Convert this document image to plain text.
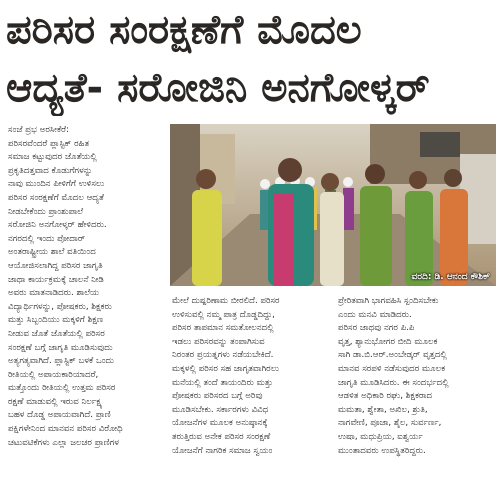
ಪರಿಸರ ಸಂರಕ್ಷಣೆಗೆ ಮೊದಲ
ಆದ್ಯತೆ- ಸರೋಜಿನಿ ಅನಗೋಳ್ಕರ್
ಸಂಜೆ ಪ್ರಭ ಅರಸೀಕೆರೆ:
ಪರಿಸರವೆಂದರೆ ಪ್ಲಾಸ್ಟಿಕ್ ರಹಿತ
ಸಮಾಜ ಕಟ್ಟುವುದರ ಜೊತೆಯಲ್ಲಿ
ಪ್ರಕೃತಿದತ್ತವಾದ ಕೊಡುಗೆಗಳನ್ನು
ನಾವು ಮುಂದಿನ ಪೀಳಿಗೆಗೆ ಉಳಿಸಲು
ಪರಿಸರ ಸಂರಕ್ಷಣೆಗೆ ಮೊದಲ ಆದ್ಯತೆ
ನೀಡಬೇಕೆಂದು ಪ್ರಾಂಶುಪಾಲೆ
ಸರೋಜಿನಿ ಅನಗೋಳ್ಕರ್ ಹೇಳಿದರು.
ನಗರದಲ್ಲಿ ಇಂದು ಪೋದಾರ್
ಅಂತರಾಷ್ಟ್ರೀಯ ಶಾಲೆ ವತಿಯಿಂದ
ಆಯೋಜಿಸಲಾಗಿದ್ದ ಪರಿಸರ ಜಾಗೃತಿ
ಜಾಥಾ ಕಾರ್ಯಕ್ರಮಕ್ಕೆ ಚಾಲನೆ ನೀಡಿ
ಅವರು ಮಾತನಾಡಿದರು. ಶಾಲೆಯ
ವಿದ್ಯಾರ್ಥಿಗಳನ್ನು, ಪೋಷಕರು, ಶಿಕ್ಷಕರು
ಮತ್ತು ಸಿಬ್ಬಂದಿಯು ಮಕ್ಕಳಿಗೆ ಶಿಕ್ಷಣ
ನೀಡುವ ಜೊತೆ ಜೊತೆಯಲ್ಲಿ ಪರಿಸರ
ಸಂರಕ್ಷಣೆ ಬಗ್ಗೆ ಜಾಗೃತಿ ಮೂಡಿಸುವುದು
ಅತ್ಯಗತ್ಯವಾಗಿದೆ. ಪ್ಲಾಸ್ಟಿಕ್ ಬಳಕೆ ಒಂದು
ರೀತಿಯಲ್ಲಿ ಅಪಾಯಕಾರಿಯಾದರೆ,
ಮತ್ತೊಂದು ರೀತಿಯಲ್ಲಿ ಉತ್ತಮ ಪರಿಸರ
ರಕ್ಷಣೆ ಮಾಡುವಲ್ಲಿ ಇರುವ ನಿರ್ಲಕ್ಷ್ಯ
ಬಹಳ ದೊಡ್ಡ ಅಪಾಯವಾಗಿದೆ. ಪ್ರಾಣಿ
ಪಕ್ಷಿಗಳೇನಿಂದ ಮಾನವನ ಪರಿಸರ ವಿರೋಧಿ
ಚಟುವಟಿಕೆಗಳು ಎಲ್ಲಾ ಜಲಚರ ಪ್ರಾಣಿಗಳ
ವರದಿ: ಡಿ. ಆನಂದ ಕೌಶಿಕ್
ಮೇಲೆ ದುಷ್ಪರಿಣಾಮ ಬೀರಲಿದೆ. ಪರಿಸರ
ಉಳಿಸುವಲ್ಲಿ ನಮ್ಮ ಪಾತ್ರ ದೊಡ್ಡದಿದ್ದು,
ಪರಿಸರ ತಾಪಮಾನ ಸಮತೋಲನದಲ್ಲಿ
ಇಡಲು ಪರಿಸರವನ್ನು ತಂಪಾಗಿಸುವ
ನಿರಂತರ ಪ್ರಯತ್ನಗಳು ನಡೆಯಬೇಕಿದೆ.
ಮಕ್ಕಳಲ್ಲಿ ಪರಿಸರ ಸಹ ಜಾಗೃತವಾಗಿರಲು
ಮನೆಯಲ್ಲಿ ತಂದೆ ತಾಯಂದಿರು ಮತ್ತು
ಪೋಷಕರು ಪರಿಸರದ ಬಗ್ಗೆ ಅರಿವು
ಮೂಡಿಸಬೇಕು. ಸರ್ಕಾರಗಳು ವಿವಿಧ
ಯೋಜನೆಗಳ ಮೂಲಕ ಅನುಷ್ಠಾನಕ್ಕೆ
ತರುತ್ತಿರುವ ಅನೇಕ ಪರಿಸರ ಸಂರಕ್ಷಣೆ
ಯೋಜನೆಗೆ ನಾಗರಿಕ ಸಮಾಜ ಸ್ವಯಂ
ಪ್ರೇರಿತವಾಗಿ ಭಾಗವಹಿಸಿ ಸ್ಪಂದಿಸಬೇಕು
ಎಂದು ಮನವಿ ಮಾಡಿದರು.
ಪರಿಸರ ಜಾಥವು ನಗರ ಪಿ.ಪಿ
ವೃತ್ತ, ಶ್ಯಾನುಭೋಗರ ಬೀದಿ ಮೂಲಕ
ಸಾಗಿ ಡಾ.ಬಿ.ಆರ್.ಅಂಬೇಡ್ಕರ್ ವೃತ್ತದಲ್ಲಿ
ಮಾನವ ಸರಪಳಿ ನಡೆಸುವುದರ ಮೂಲಕ
ಜಾಗೃತಿ ಮೂಡಿಸಿದರು. ಈ ಸಂದರ್ಭದಲ್ಲಿ
ಆಡಳಿತ ಅಧಿಕಾರಿ ರಘು, ಶಿಕ್ಷಕರಾದ
ಮಮತಾ, ಶ್ವೇತಾ, ಅಖಿಲ, ಶ್ರುತಿ,
ನಾಗವೇಣಿ, ಪೂಜಾ, ಶೈಲ, ಸುರ್ವರ್ಣ,
ಉಷಾ, ಮಧುಪ್ರಿಯ, ಐಶ್ವರ್ಯ
ಮುಂತಾದವರು ಉಪಸ್ಥಿತರಿದ್ದರು.
